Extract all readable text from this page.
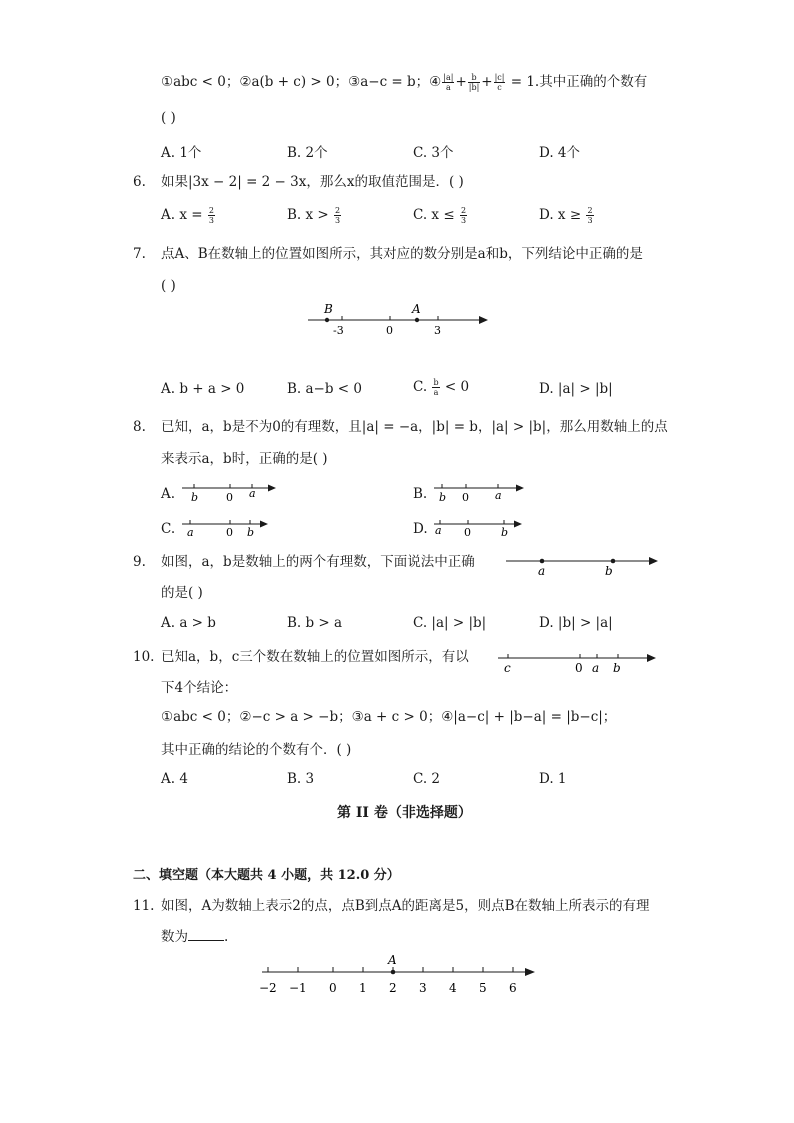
①abc < 0；②a(b + c) > 0；③a−c = b；④ $\frac{|a|}{a} + \frac{b}{|b|} + \frac{|c|}{c} = 1$.其中正确的个数有
( )
A. 1个	B. 2个	C. 3个	D. 4个
6. 如果|3x − 2| = 2 − 3x，那么x的取值范围是．( )
A. $x = \frac{2}{3}$	B. $x > \frac{2}{3}$	C. $x \le \frac{2}{3}$	D. $x \ge \frac{2}{3}$
7. 点A、B在数轴上的位置如图所示，其对应的数分别是a和b，下列结论中正确的是
( )
B	A
-3	0	3
A. b + a > 0	B. a−b < 0	C. $\frac{b}{a} < 0$	D. |a| > |b|
8. 已知，a，b是不为0的有理数，且|a| = −a，|b| = b，|a| > |b|，那么用数轴上的点
来表示a，b时，正确的是( )
A. b	0 a	B. b 0 a
C. a	0 b	D. a 0	b
9. 如图，a，b是数轴上的两个有理数，下面说法中正确
的是( )
a	b
A. a > b	B. b > a	C. |a| > |b|	D. |b| > |a|
10. 已知a，b，c三个数在数轴上的位置如图所示，有以
下4个结论：
①abc < 0；②−c > a > −b；③a + c > 0；④|a−c| + |b−a| = |b−c|；
其中正确的结论的个数有个．( )
c	0 a b
A. 4	B. 3	C. 2	D. 1
第 II 卷（非选择题）
二、填空题（本大题共 4 小题，共 12.0 分）
11. 如图，A为数轴上表示2的点，点B到点A的距离是5，则点B在数轴上所表示的有理
数为	.
A
−2 −1 0 1 2 3 4 5 6
